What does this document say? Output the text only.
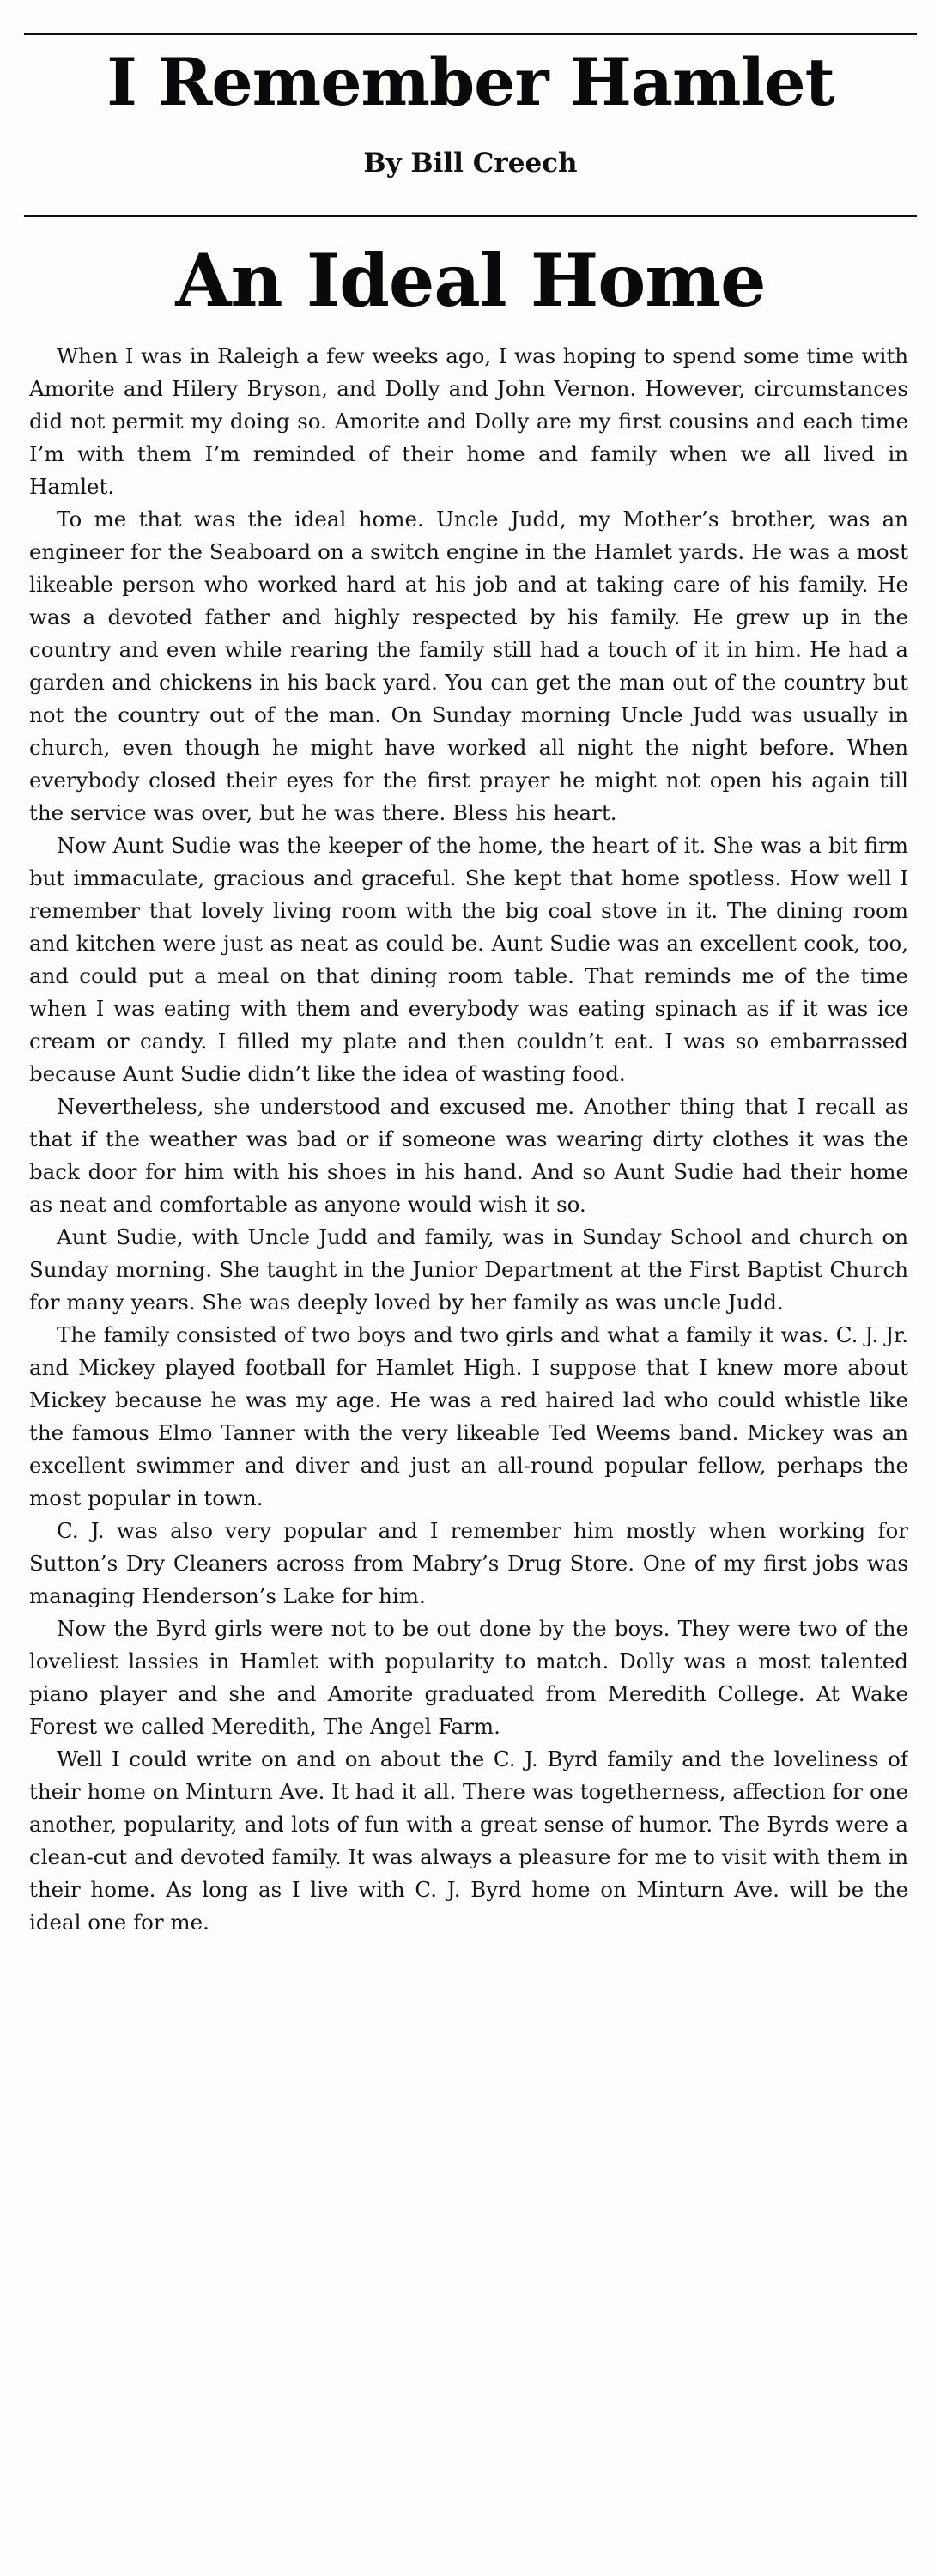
I Remember Hamlet
By Bill Creech
An Ideal Home

When I was in Raleigh a few weeks ago, I was hoping to spend some time with Amorite and Hilery Bryson, and Dolly and John Vernon. However, circumstances did not permit my doing so. Amorite and Dolly are my first cousins and each time I’m with them I’m reminded of their home and family when we all lived in Hamlet.

To me that was the ideal home. Uncle Judd, my Mother’s brother, was an engineer for the Seaboard on a switch engine in the Hamlet yards. He was a most likeable person who worked hard at his job and at taking care of his family. He was a devoted father and highly respected by his family. He grew up in the country and even while rearing the family still had a touch of it in him. He had a garden and chickens in his back yard. You can get the man out of the country but not the country out of the man. On Sunday morning Uncle Judd was usually in church, even though he might have worked all night the night before. When everybody closed their eyes for the first prayer he might not open his again till the service was over, but he was there. Bless his heart.

Now Aunt Sudie was the keeper of the home, the heart of it. She was a bit firm but immaculate, gracious and graceful. She kept that home spotless. How well I remember that lovely living room with the big coal stove in it. The dining room and kitchen were just as neat as could be. Aunt Sudie was an excellent cook, too, and could put a meal on that dining room table. That reminds me of the time when I was eating with them and everybody was eating spinach as if it was ice cream or candy. I filled my plate and then couldn’t eat. I was so embarrassed because Aunt Sudie didn’t like the idea of wasting food.

Nevertheless, she understood and excused me. Another thing that I recall as that if the weather was bad or if someone was wearing dirty clothes it was the back door for him with his shoes in his hand. And so Aunt Sudie had their home as neat and comfortable as anyone would wish it so.

Aunt Sudie, with Uncle Judd and family, was in Sunday School and church on Sunday morning. She taught in the Junior Department at the First Baptist Church for many years. She was deeply loved by her family as was uncle Judd.

The family consisted of two boys and two girls and what a family it was. C. J. Jr. and Mickey played football for Hamlet High. I suppose that I knew more about Mickey because he was my age. He was a red haired lad who could whistle like the famous Elmo Tanner with the very likeable Ted Weems band. Mickey was an excellent swimmer and diver and just an all-round popular fellow, perhaps the most popular in town.

C. J. was also very popular and I remember him mostly when working for Sutton’s Dry Cleaners across from Mabry’s Drug Store. One of my first jobs was managing Henderson’s Lake for him.

Now the Byrd girls were not to be out done by the boys. They were two of the loveliest lassies in Hamlet with popularity to match. Dolly was a most talented piano player and she and Amorite graduated from Meredith College. At Wake Forest we called Meredith, The Angel Farm.

Well I could write on and on about the C. J. Byrd family and the loveliness of their home on Minturn Ave. It had it all. There was togetherness, affection for one another, popularity, and lots of fun with a great sense of humor. The Byrds were a clean-cut and devoted family. It was always a pleasure for me to visit with them in their home. As long as I live with C. J. Byrd home on Minturn Ave. will be the ideal one for me.
